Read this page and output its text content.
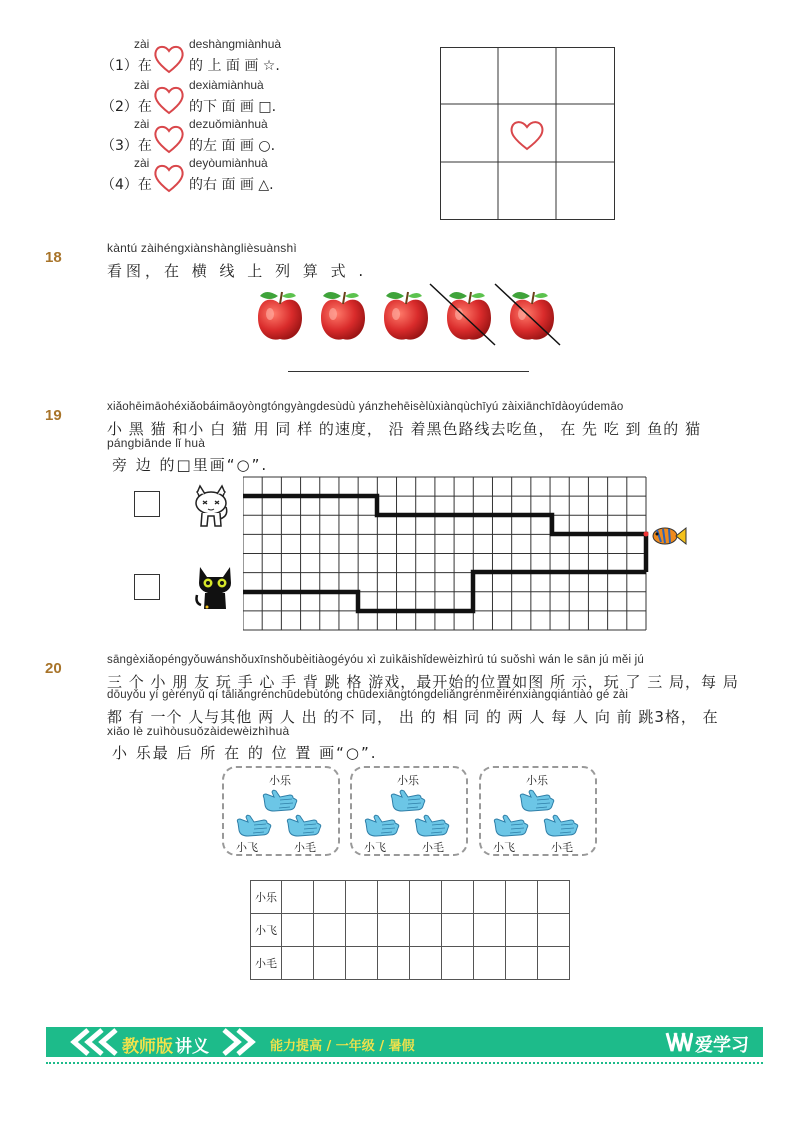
zài	deshàngmiànhuà
（1）在	的 上 面 画 ☆.
zài	dexiàmiànhuà
（2）在	的下 面 画 □.
zài	dezuǒmiànhuà
（3）在	的左 面 画 ○.
zài	deyòumiànhuà
（4）在	的右 面 画 △.
18
kàntú zàihéngxiànshànglièsuànshì
看图，在 横 线 上 列 算 式 .
19	xiǎohēimāohéxiǎobáimāoyòngtóngyàngdesùdù yánzhehēisèlùxiànqùchīyú zàixiānchīdàoyúdemāo
小 黑 猫 和小 白 猫 用 同 样 的速度， 沿 着黑色路线去吃鱼， 在 先 吃 到 鱼的 猫
pángbiānde lǐ huà
旁 边 的□里画“○”.
20	sāngèxiǎopéngyǒuwánshǒuxīnshǒubèitiàogéyóu xì zuìkāishǐdewèizhìrú tú suǒshì wán le sān jú měi jú
三 个 小 朋 友 玩 手 心 手 背 跳 格 游戏，最开始的位置如图 所 示，玩 了 三 局，每 局
dōuyǒu yí gèrényǔ qí tāliǎngrénchūdebùtóng chūdexiāngtóngdeliǎngrénměirénxiàngqiántiào gé zài
都 有 一个 人与其他 两 人 出 的不 同， 出 的 相 同 的 两 人 每 人 向 前 跳3格， 在
xiǎo lè zuìhòusuǒzàidewèizhìhuà
小 乐最 后 所 在 的 位 置 画“○”.
小乐
小飞	小毛
小乐
小飞	小毛
小乐
小飞	小毛
小乐									
小飞									
小毛									
教师版 讲义	能力提高 / 一年级 / 暑假	爱学习
